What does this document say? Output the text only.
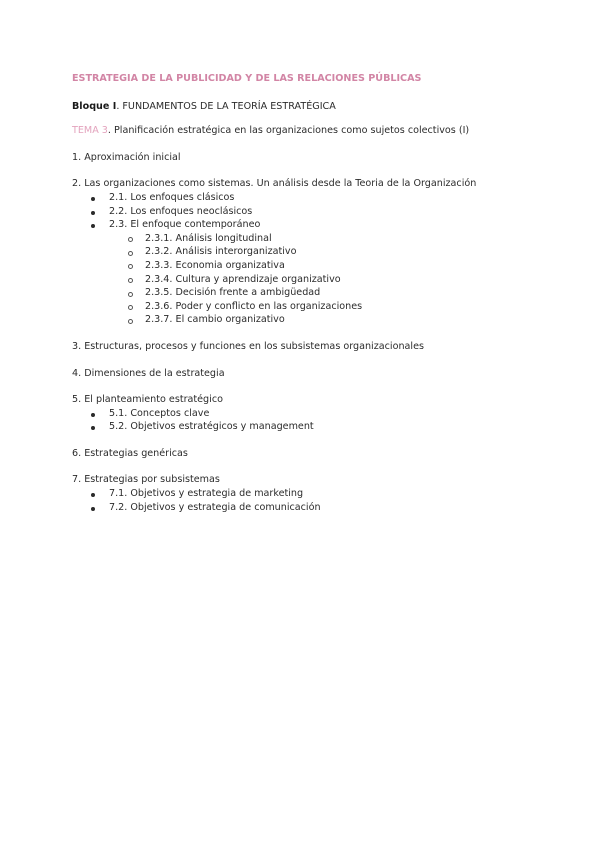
ESTRATEGIA DE LA PUBLICIDAD Y DE LAS RELACIONES PÚBLICAS
Bloque I. FUNDAMENTOS DE LA TEORÍA ESTRATÉGICA
TEMA 3. Planificación estratégica en las organizaciones como sujetos colectivos (I)
1. Aproximación inicial
2. Las organizaciones como sistemas. Un análisis desde la Teoria de la Organización
2.1. Los enfoques clásicos
2.2. Los enfoques neoclásicos
2.3. El enfoque contemporáneo
2.3.1. Análisis longitudinal
2.3.2. Análisis interorganizativo
2.3.3. Economia organizativa
2.3.4. Cultura y aprendizaje organizativo
2.3.5. Decisión frente a ambigüedad
2.3.6. Poder y conflicto en las organizaciones
2.3.7. El cambio organizativo
3. Estructuras, procesos y funciones en los subsistemas organizacionales
4. Dimensiones de la estrategia
5. El planteamiento estratégico
5.1. Conceptos clave
5.2. Objetivos estratégicos y management
6. Estrategias genéricas
7. Estrategias por subsistemas
7.1. Objetivos y estrategia de marketing
7.2. Objetivos y estrategia de comunicación
